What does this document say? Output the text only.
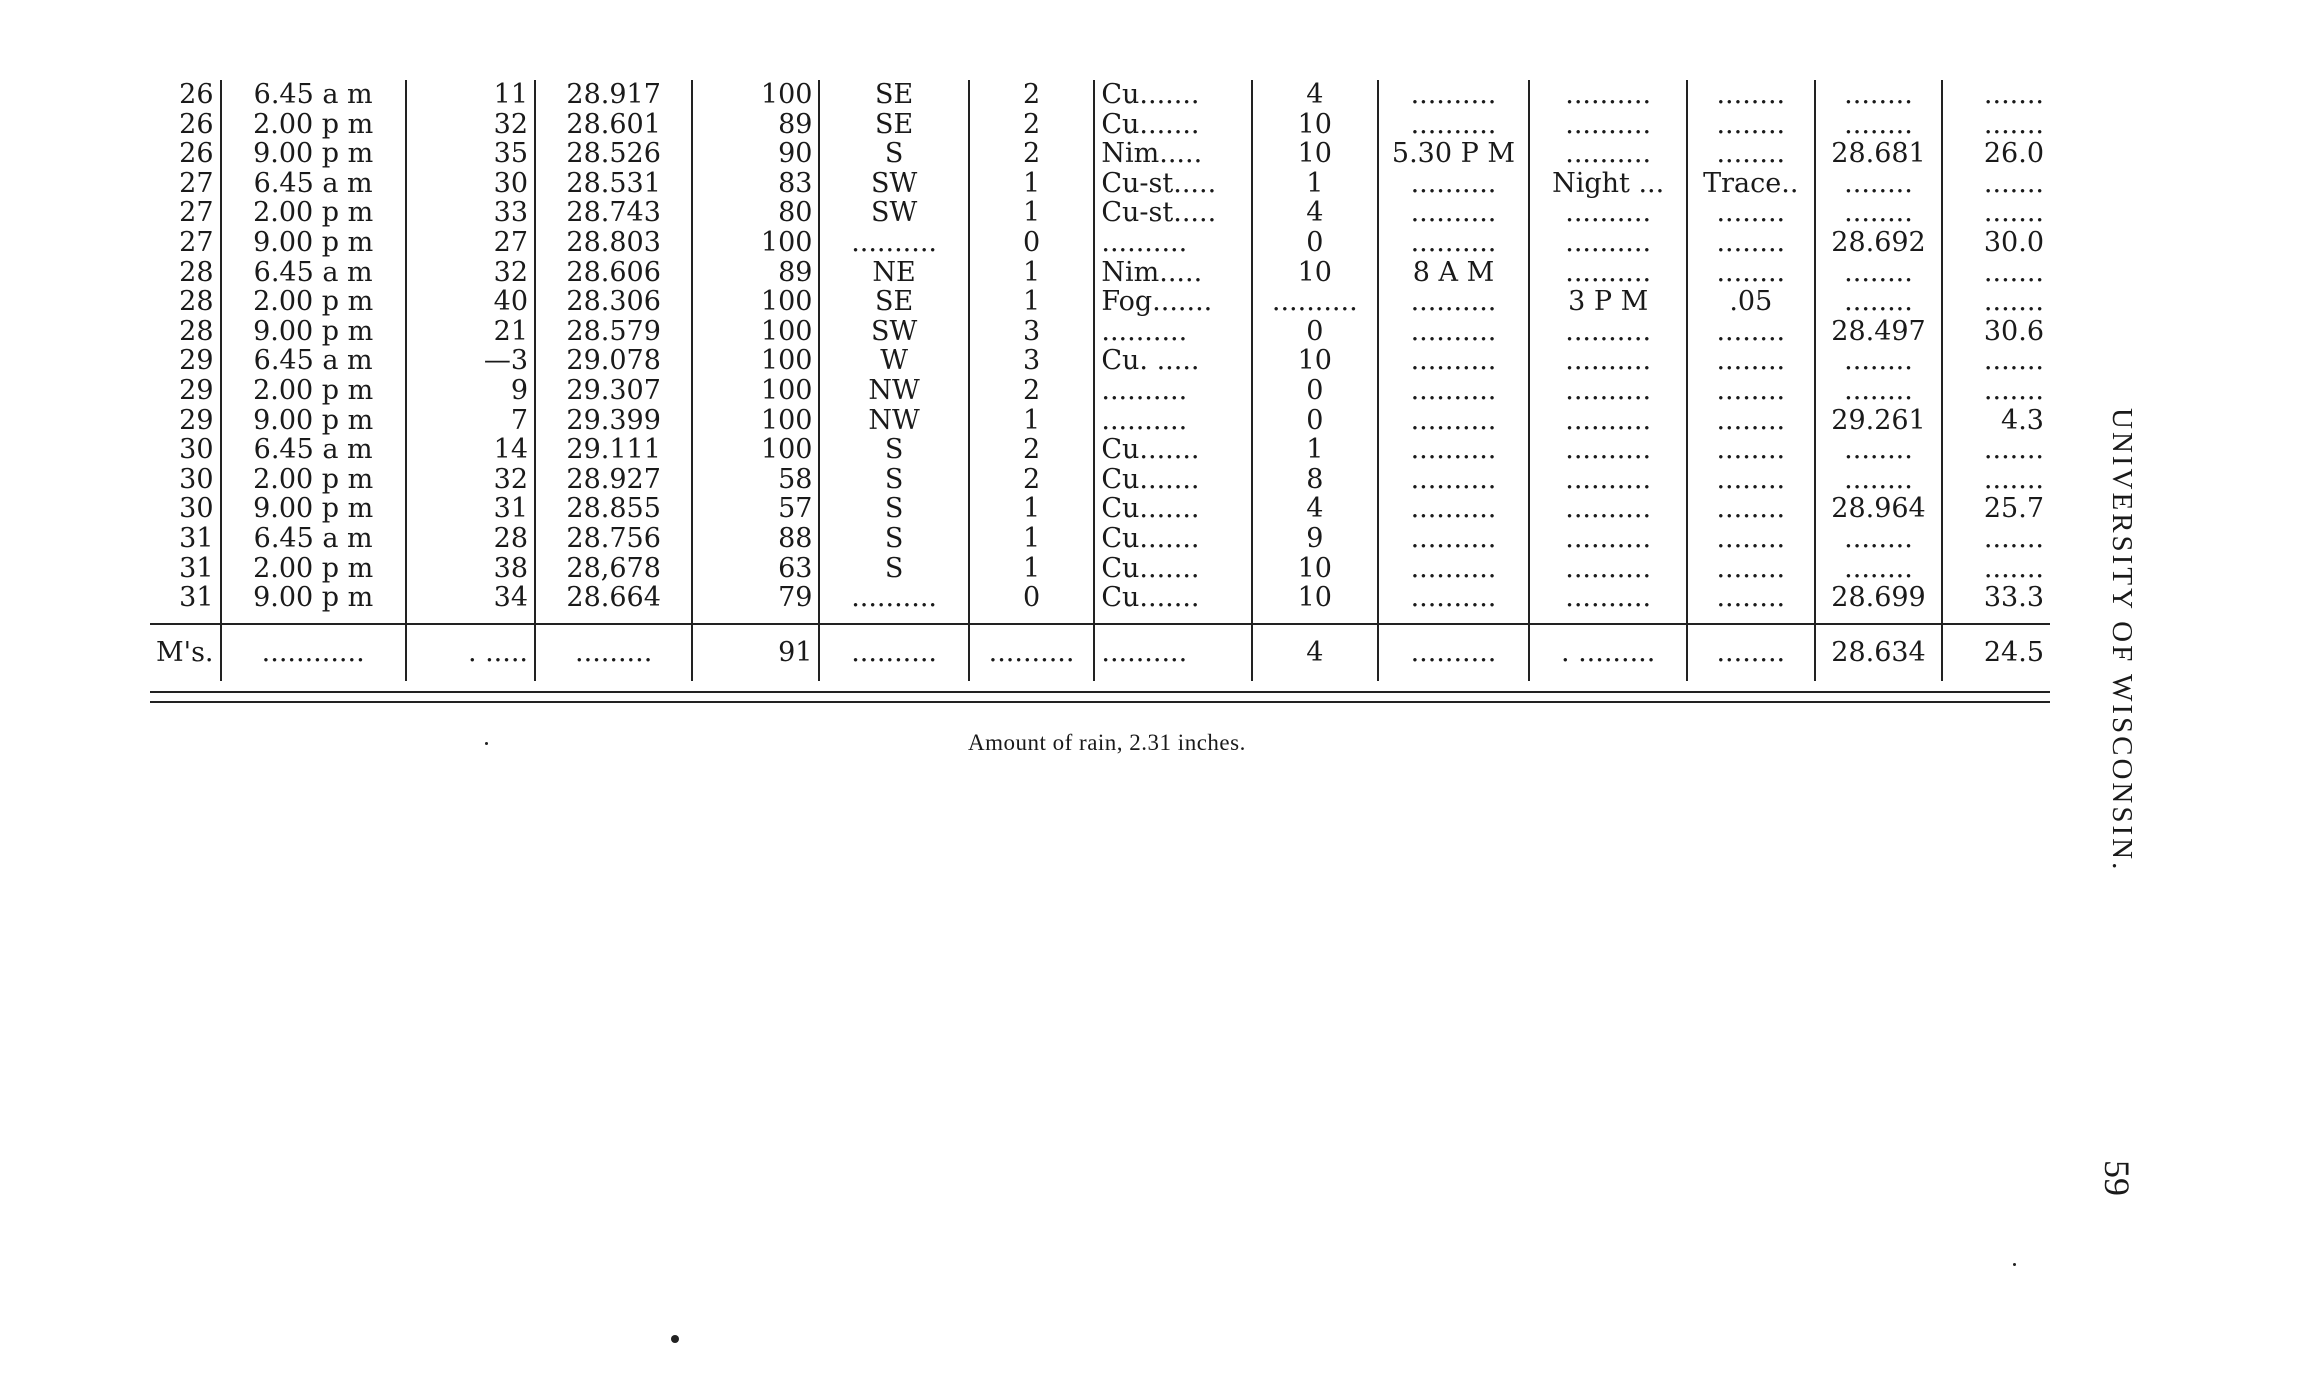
26	6.45 a m	11	28.917	100	SE	2	Cu.......	4	..........	..........	........	........	.......
26	2.00 p m	32	28.601	89	SE	2	Cu.......	10	..........	..........	........	........	.......
26	9.00 p m	35	28.526	90	S	2	Nim.....	10	5.30 P M	..........	........	28.681	26.0
27	6.45 a m	30	28.531	83	SW	1	Cu-st.....	1	..........	Night ...	Trace..	........	.......
27	2.00 p m	33	28.743	80	SW	1	Cu-st.....	4	..........	..........	........	........	.......
27	9.00 p m	27	28.803	100	..........	0	..........	0	..........	..........	........	28.692	30.0
28	6.45 a m	32	28.606	89	NE	1	Nim.....	10	8 A M	..........	........	........	.......
28	2.00 p m	40	28.306	100	SE	1	Fog.......	..........	..........	3 P M	.05	........	.......
28	9.00 p m	21	28.579	100	SW	3	..........	0	..........	..........	........	28.497	30.6
29	6.45 a m	—3	29.078	100	W	3	Cu. .....	10	..........	..........	........	........	.......
29	2.00 p m	9	29.307	100	NW	2	..........	0	..........	..........	........	........	.......
29	9.00 p m	7	29.399	100	NW	1	..........	0	..........	..........	........	29.261	4.3
30	6.45 a m	14	29.111	100	S	2	Cu.......	1	..........	..........	........	........	.......
30	2.00 p m	32	28.927	58	S	2	Cu.......	8	..........	..........	........	........	.......
30	9.00 p m	31	28.855	57	S	1	Cu.......	4	..........	..........	........	28.964	25.7
31	6.45 a m	28	28.756	88	S	1	Cu.......	9	..........	..........	........	........	.......
31	2.00 p m	38	28,678	63	S	1	Cu.......	10	..........	..........	........	........	.......
31	9.00 p m	34	28.664	79	..........	0	Cu.......	10	..........	..........	........	28.699	33.3

M's.	............	. .....	.........	91	..........	..........	..........	4	..........	. .........	........	28.634	24.5
Amount of rain, 2.31 inches.	UNIVERSITY OF WISCONSIN.
59
